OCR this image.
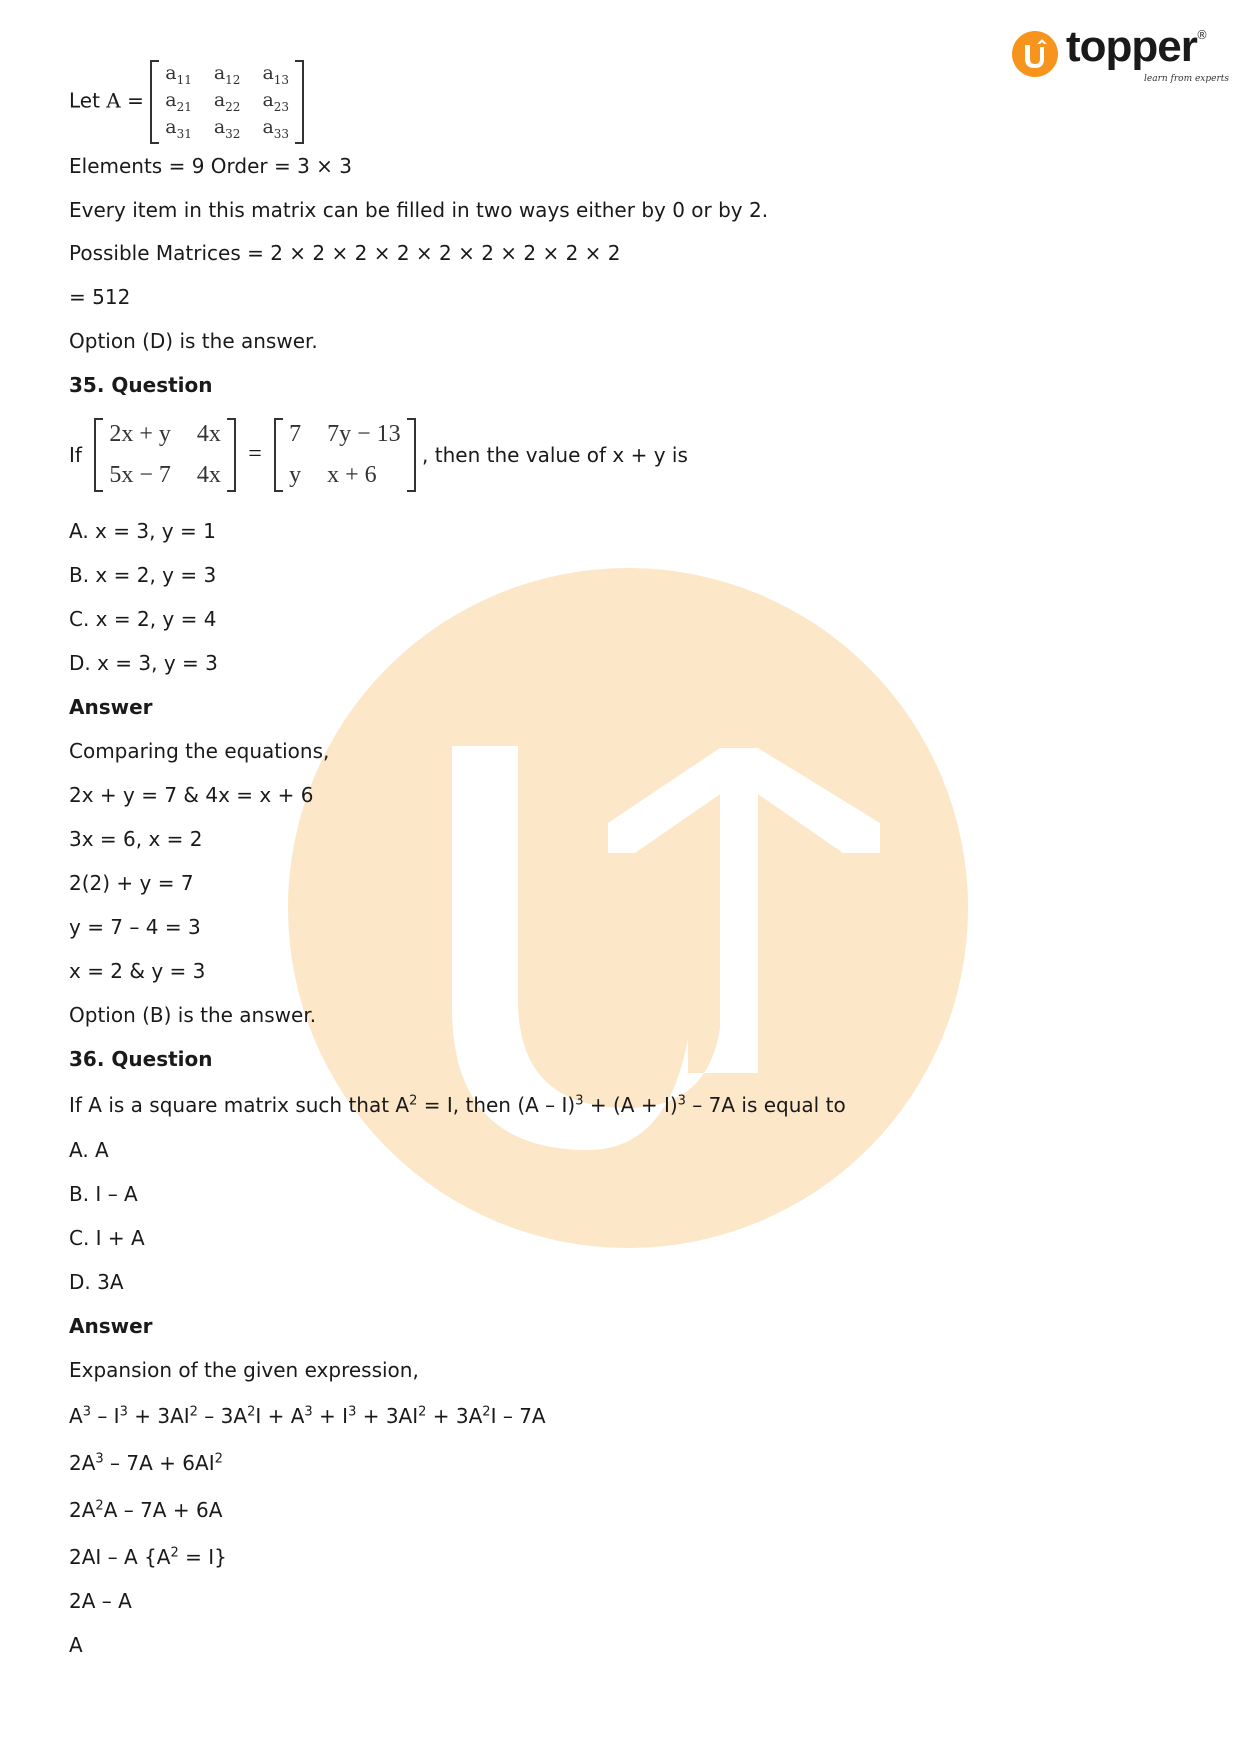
topper ®
learn from experts
Let A =
$a_{11}$ $a_{12}$ $a_{13}$
$a_{21}$ $a_{22}$ $a_{23}$
$a_{31}$ $a_{32}$ $a_{33}$
Elements = 9 Order = 3 × 3
Every item in this matrix can be filled in two ways either by 0 or by 2.
Possible Matrices = 2 × 2 × 2 × 2 × 2 × 2 × 2 × 2 × 2
= 512
Option (D) is the answer.
35. Question
If
2x + y 4x
5x − 7 4x
=
7 7y − 13
y x + 6
, then the value of x + y is
A. x = 3, y = 1
B. x = 2, y = 3
C. x = 2, y = 4
D. x = 3, y = 3
Answer
Comparing the equations,
2x + y = 7 & 4x = x + 6
3x = 6, x = 2
2(2) + y = 7
y = 7 – 4 = 3
x = 2 & y = 3
Option (B) is the answer.
36. Question
If A is a square matrix such that $A^2 = I$, then $(A - I)^3 + (A + I)^3 - 7A$ is equal to
A. A
B. I – A
C. I + A
D. 3A
Answer
Expansion of the given expression,
$A^3 - I^3 + 3AI^2 - 3A^2I + A^3 + I^3 + 3AI^2 + 3A^2I - 7A$
$2A^3 - 7A + 6AI^2$
$2A^2A - 7A + 6A$
2AI – A $\{A^2 = I\}$
2A – A
A
